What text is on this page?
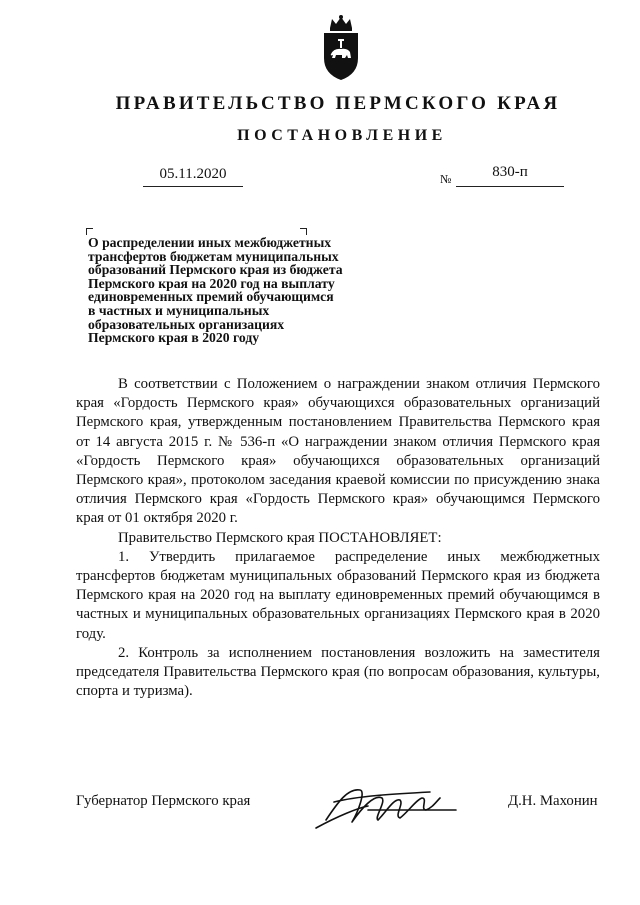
ПРАВИТЕЛЬСТВО ПЕРМСКОГО КРАЯ
ПОСТАНОВЛЕНИЕ
05.11.2020	№	830-п
О распределении иных межбюджетных
трансфертов бюджетам муниципальных
образований Пермского края из бюджета
Пермского края на 2020 год на выплату
единовременных премий обучающимся
в частных и муниципальных
образовательных организациях
Пермского края в 2020 году

В соответствии с Положением о награждении знаком отличия Пермского края «Гордость Пермского края» обучающихся образовательных организаций Пермского края, утвержденным постановлением Правительства Пермского края от 14 августа 2015 г. № 536-п «О награждении знаком отличия Пермского края «Гордость Пермского края» обучающихся образовательных организаций Пермского края», протоколом заседания краевой комиссии по присуждению знака отличия Пермского края «Гордость Пермского края» обучающимся Пермского края от 01 октября 2020 г.

Правительство Пермского края ПОСТАНОВЛЯЕТ:

1. Утвердить прилагаемое распределение иных межбюджетных трансфертов бюджетам муниципальных образований Пермского края из бюджета Пермского края на 2020 год на выплату единовременных премий обучающимся в частных и муниципальных образовательных организациях Пермского края в 2020 году.

2. Контроль за исполнением постановления возложить на заместителя председателя Правительства Пермского края (по вопросам образования, культуры, спорта и туризма).

Губернатор Пермского края	Д.Н. Махонин
